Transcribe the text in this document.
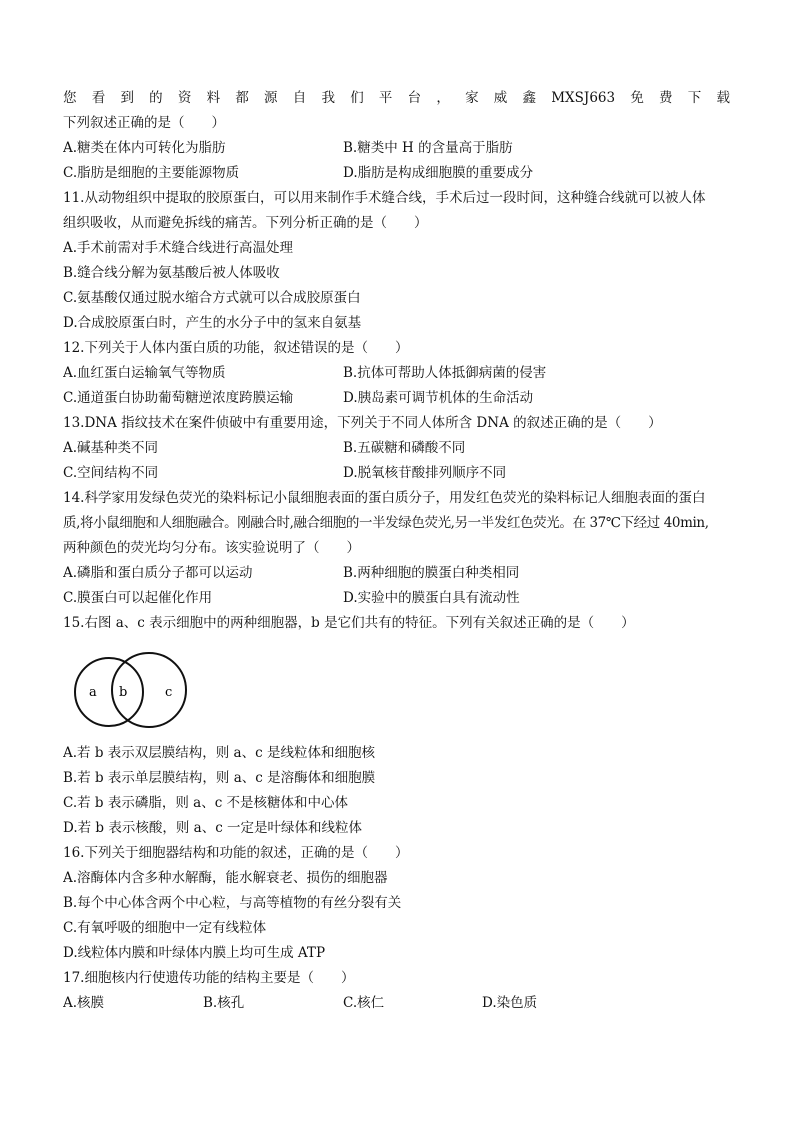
您 看 到 的 资 料 都 源 自 我 们 平 台 ， 家 威 鑫 MXSJ663 免 费 下 载
下列叙述正确的是（　　）
A.糖类在体内可转化为脂肪	B.糖类中 H 的含量高于脂肪
C.脂肪是细胞的主要能源物质	D.脂肪是构成细胞膜的重要成分
11.从动物组织中提取的胶原蛋白，可以用来制作手术缝合线，手术后过一段时间，这种缝合线就可以被人体
组织吸收，从而避免拆线的痛苦。下列分析正确的是（　　）
A.手术前需对手术缝合线进行高温处理
B.缝合线分解为氨基酸后被人体吸收
C.氨基酸仅通过脱水缩合方式就可以合成胶原蛋白
D.合成胶原蛋白时，产生的水分子中的氢来自氨基
12.下列关于人体内蛋白质的功能，叙述错误的是（　　）
A.血红蛋白运输氧气等物质	B.抗体可帮助人体抵御病菌的侵害
C.通道蛋白协助葡萄糖逆浓度跨膜运输	D.胰岛素可调节机体的生命活动
13.DNA 指纹技术在案件侦破中有重要用途，下列关于不同人体所含 DNA 的叙述正确的是（　　）
A.碱基种类不同	B.五碳糖和磷酸不同
C.空间结构不同	D.脱氧核苷酸排列顺序不同
14.科学家用发绿色荧光的染料标记小鼠细胞表面的蛋白质分子，用发红色荧光的染料标记人细胞表面的蛋白
质,将小鼠细胞和人细胞融合。刚融合时,融合细胞的一半发绿色荧光,另一半发红色荧光。在 37℃下经过 40min,
两种颜色的荧光均匀分布。该实验说明了（　　）
A.磷脂和蛋白质分子都可以运动	B.两种细胞的膜蛋白种类相同
C.膜蛋白可以起催化作用	D.实验中的膜蛋白具有流动性
15.右图 a、c 表示细胞中的两种细胞器，b 是它们共有的特征。下列有关叙述正确的是（　　）
a b	c
A.若 b 表示双层膜结构，则 a、c 是线粒体和细胞核
B.若 b 表示单层膜结构，则 a、c 是溶酶体和细胞膜
C.若 b 表示磷脂，则 a、c 不是核糖体和中心体
D.若 b 表示核酸，则 a、c 一定是叶绿体和线粒体
16.下列关于细胞器结构和功能的叙述，正确的是（　　）
A.溶酶体内含多种水解酶，能水解衰老、损伤的细胞器
B.每个中心体含两个中心粒，与高等植物的有丝分裂有关
C.有氧呼吸的细胞中一定有线粒体
D.线粒体内膜和叶绿体内膜上均可生成 ATP
17.细胞核内行使遗传功能的结构主要是（　　）
A.核膜	B.核孔	C.核仁	D.染色质
